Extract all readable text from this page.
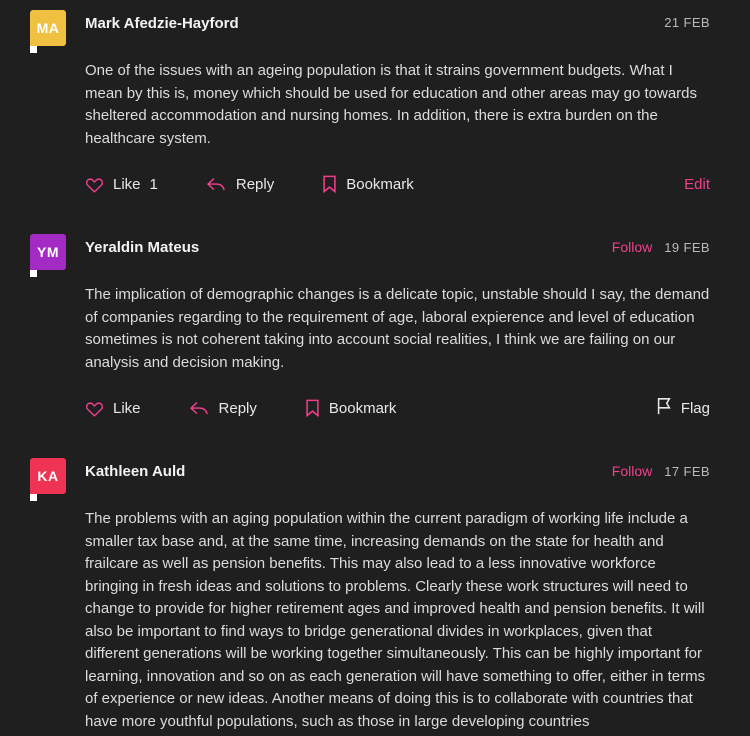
MA Mark Afedzie-Hayford	21 FEB
One of the issues with an ageing population is that it strains government budgets. What I mean by this is, money which should be used for education and other areas may go towards sheltered accommodation and nursing homes. In addition, there is extra burden on the healthcare system.
Like 1	Reply	Bookmark	Edit
YM Yeraldin Mateus	Follow 19 FEB
The implication of demographic changes is a delicate topic, unstable should I say, the demand of companies regarding to the requirement of age, laboral expierence and level of education sometimes is not coherent taking into account social realities, I think we are failing on our analysis and decision making.
Like	Reply	Bookmark	Flag
KA Kathleen Auld	Follow 17 FEB
The problems with an aging population within the current paradigm of working life include a smaller tax base and, at the same time, increasing demands on the state for health and frailcare as well as pension benefits. This may also lead to a less innovative workforce bringing in fresh ideas and solutions to problems. Clearly these work structures will need to change to provide for higher retirement ages and improved health and pension benefits. It will also be important to find ways to bridge generational divides in workplaces, given that different generations will be working together simultaneously. This can be highly important for learning, innovation and so on as each generation will have something to offer, either in terms of experience or new ideas. Another means of doing this is to collaborate with countries that have more youthful populations, such as those in large developing countries
